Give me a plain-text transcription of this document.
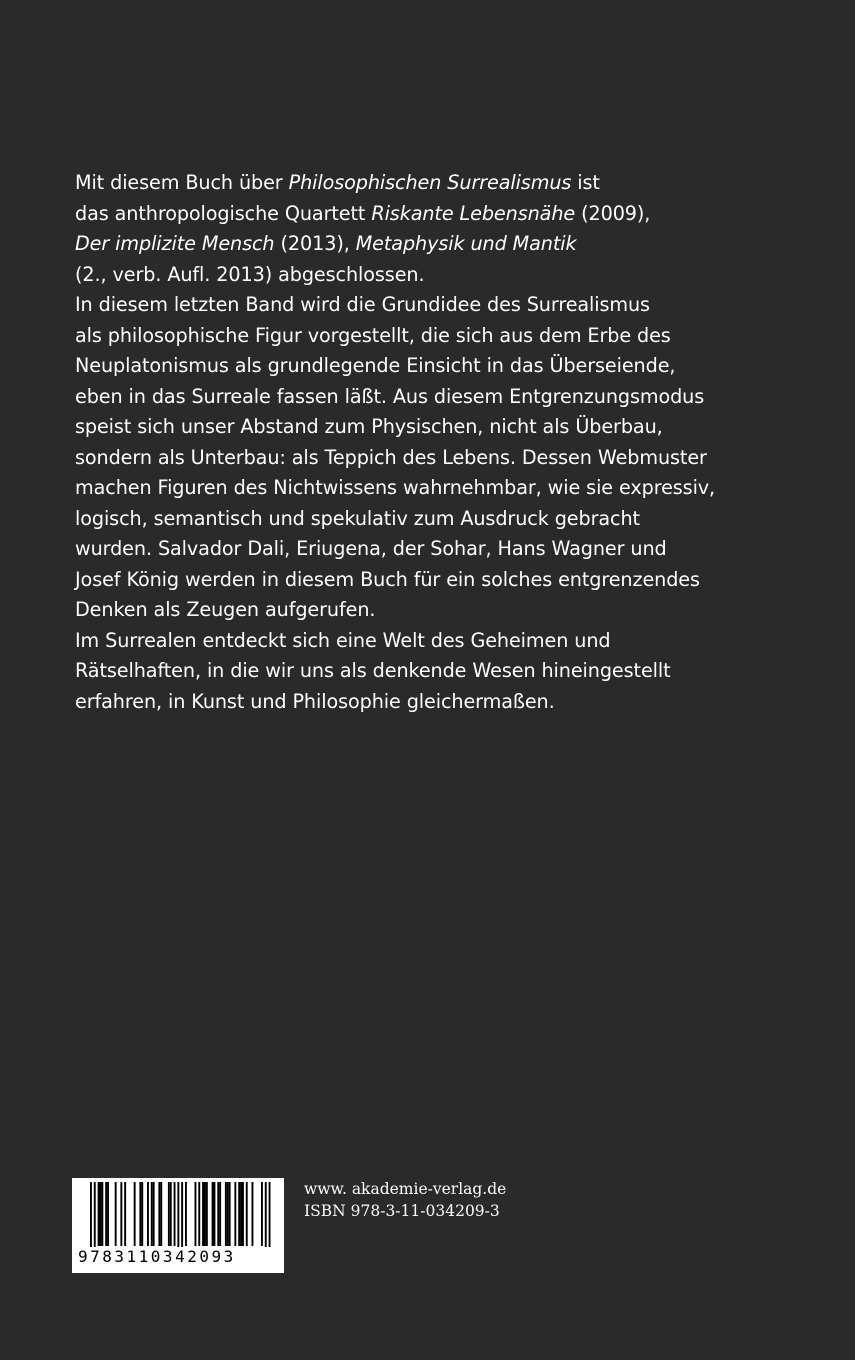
Mit diesem Buch über Philosophischen Surrealismus ist

das anthropologische Quartett Riskante Lebensnähe (2009),

Der implizite Mensch (2013), Metaphysik und Mantik

(2., verb. Aufl. 2013) abgeschlossen.

In diesem letzten Band wird die Grundidee des Surrealismus

als philosophische Figur vorgestellt, die sich aus dem Erbe des

Neuplatonismus als grundlegende Einsicht in das Überseiende,

eben in das Surreale fassen läßt. Aus diesem Entgrenzungsmodus

speist sich unser Abstand zum Physischen, nicht als Überbau,

sondern als Unterbau: als Teppich des Lebens. Dessen Webmuster

machen Figuren des Nichtwissens wahrnehmbar, wie sie expressiv,

logisch, semantisch und spekulativ zum Ausdruck gebracht

wurden. Salvador Dali, Eriugena, der Sohar, Hans Wagner und

Josef König werden in diesem Buch für ein solches entgrenzendes

Denken als Zeugen aufgerufen.

Im Surrealen entdeckt sich eine Welt des Geheimen und

Rätselhaften, in die wir uns als denkende Wesen hineingestellt

erfahren, in Kunst und Philosophie gleichermaßen.

9783110342093
www. akademie-verlag.de
ISBN 978-3-11-034209-3
